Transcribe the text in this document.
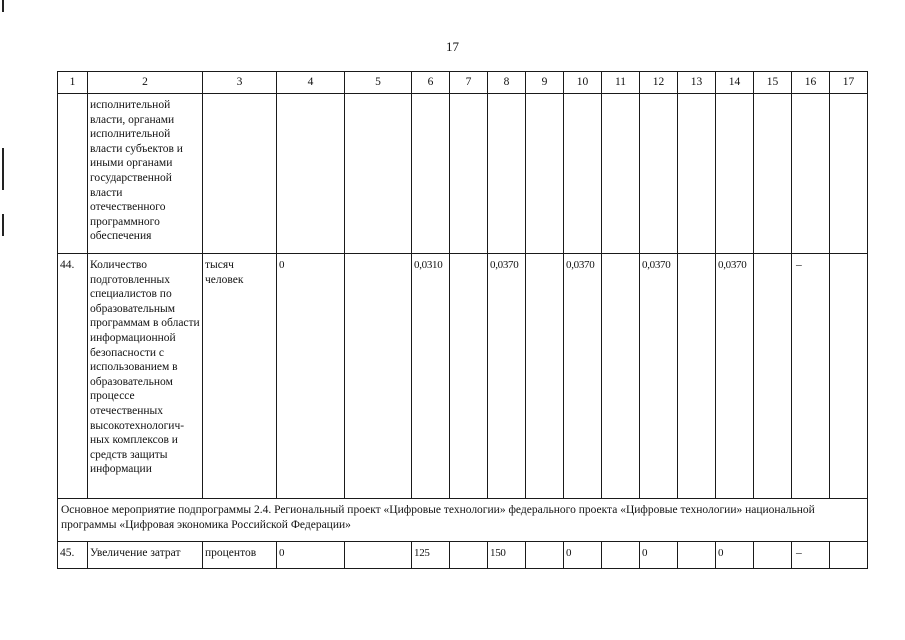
17
1	2	3	4	5	6	7	8	9	10	11	12	13	14	15	16	17
	исполнительной власти, органами исполнительной власти субъектов и иными органами государственной власти отечественного программного обеспечения															
44.	Количество подготовленных специалистов по образовательным программам в области информационной безопасности с использованием в образовательном процессе отечественных высокотехнологич-ных комплексов и средств защиты информации	тысяч человек	0		0,0310		0,0370		0,0370		0,0370		0,0370		–	
Основное мероприятие подпрограммы 2.4. Региональный проект «Цифровые технологии» федерального проекта «Цифровые технологии» национальной программы «Цифровая экономика Российской Федерации»																
45.	Увеличение затрат	процентов	0		125		150		0		0		0		–	
